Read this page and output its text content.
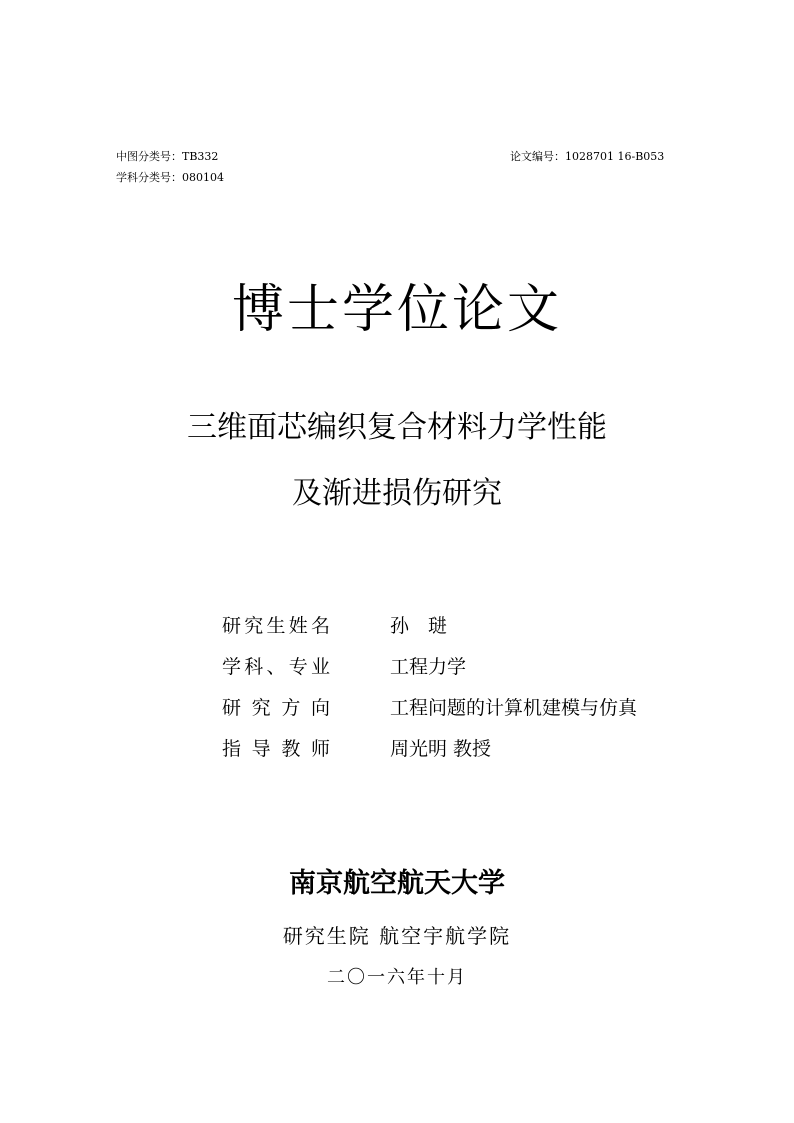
中图分类号：TB332
学科分类号：080104
论文编号：1028701 16-B053
博士学位论文
三维面芯编织复合材料力学性能
及渐进损伤研究
研 究 生 姓 名	孙　琎
学 科 、 专 业	工程力学
研 究 方 向	工程问题的计算机建模与仿真
指 导 教 师	周光明 教授
南京航空航天大学
研究生院 航空宇航学院
二〇一六年十月
